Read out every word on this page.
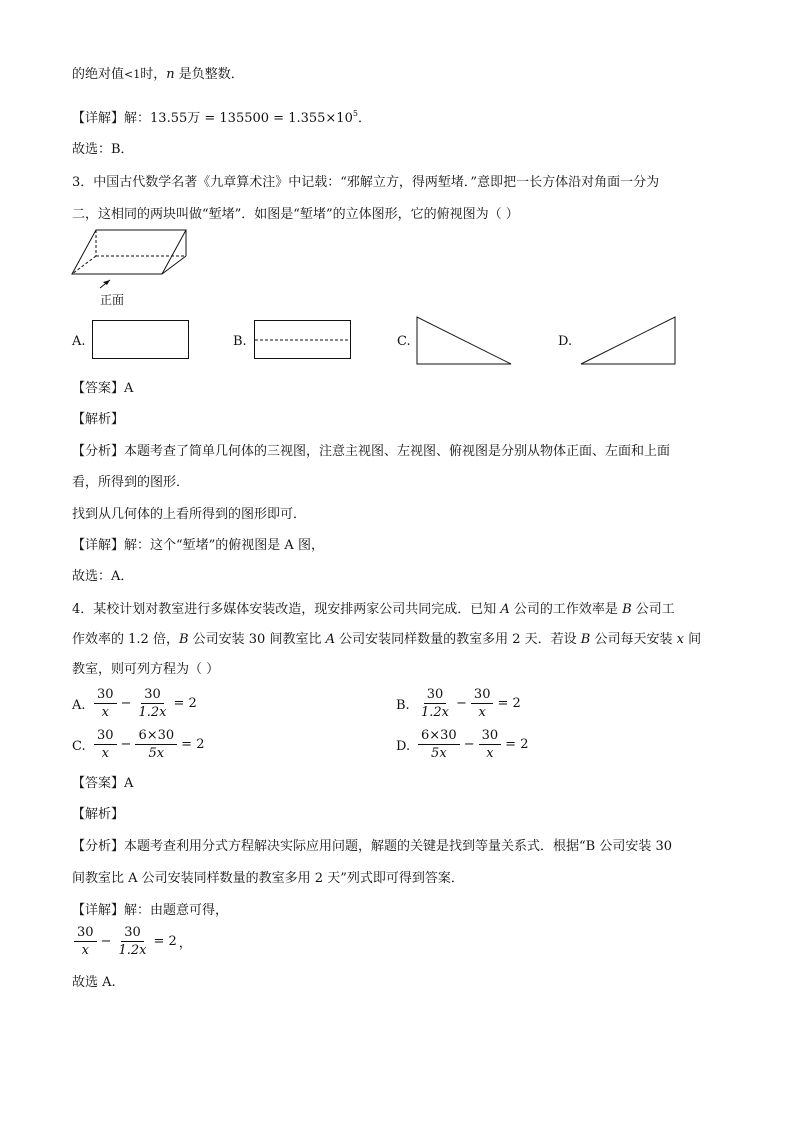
的绝对值<1时，n 是负整数．
【详解】解：13.55万 = $135500 = 1.355\times 10^5$．
故选：B．
3．中国古代数学名著《九章算术注》中记载：“邪解立方，得两堑堵．”意即把一长方体沿对角面一分为
二，这相同的两块叫做“堑堵”．如图是“堑堵”的立体图形，它的俯视图为（ ）
正面
A.	B.	C.	D.
【答案】A
【解析】
【分析】本题考查了简单几何体的三视图，注意主视图、左视图、俯视图是分别从物体正面、左面和上面
看，所得到的图形．
找到从几何体的上看所得到的图形即可．
【详解】解：这个“堑堵”的俯视图是 A 图，
故选：A．
4．某校计划对教室进行多媒体安装改造，现安排两家公司共同完成．已知 A 公司的工作效率是 B 公司工
作效率的 1.2 倍，B 公司安装 30 间教室比 A 公司安装同样数量的教室多用 2 天．若设 B 公司每天安装 x 间
教室，则可列方程为（ ）
A. $\frac{30}{x} - \frac{30}{1.2x} = 2$	B. $\frac{30}{1.2x} - \frac{30}{x} = 2$
C. $\frac{30}{x} - \frac{6\times 30}{5x} = 2$	D. $\frac{6\times 30}{5x} - \frac{30}{x} = 2$
【答案】A
【解析】
【分析】本题考查利用分式方程解决实际应用问题，解题的关键是找到等量关系式．根据“B 公司安装 30
间教室比 A 公司安装同样数量的教室多用 2 天”列式即可得到答案．
【详解】解：由题意可得，
$\frac{30}{x} - \frac{30}{1.2x} = 2$ ，
故选 A.
